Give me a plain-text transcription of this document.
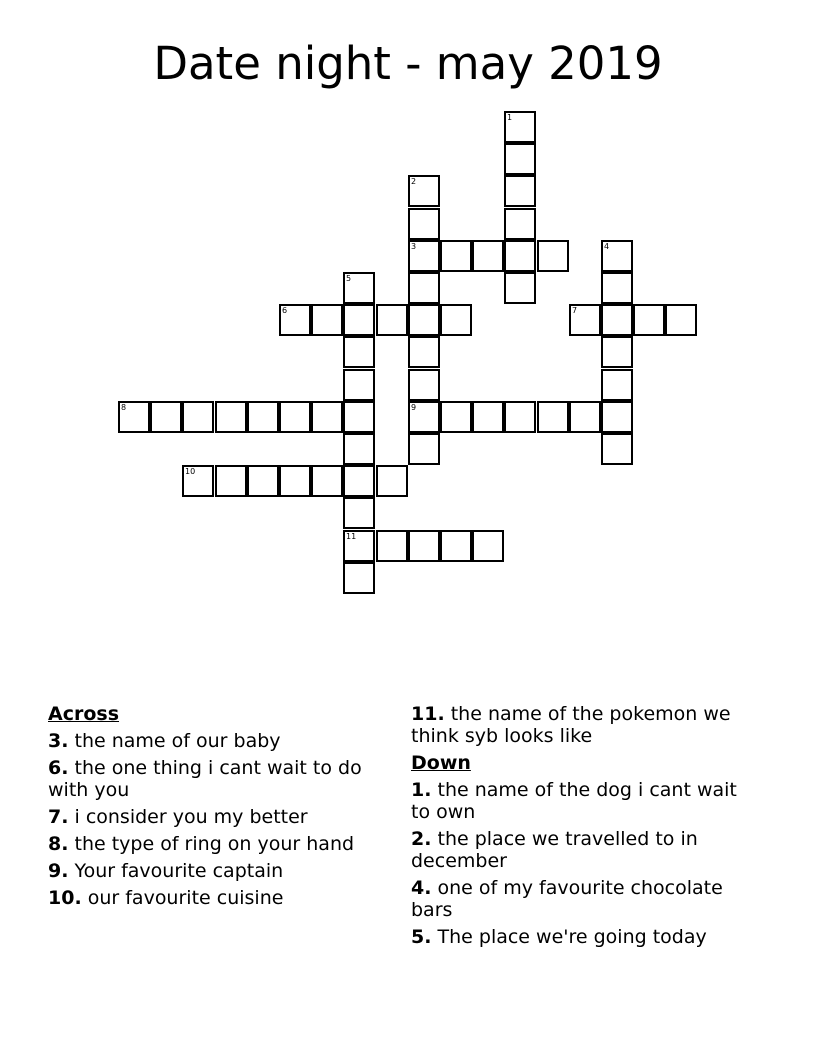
Date night - may 2019
1
2
3
9
4
5
11
6	7
8
10
Across
3. the name of our baby
6. the one thing i cant wait to do with you
7. i consider you my better
8. the type of ring on your hand
9. Your favourite captain
10. our favourite cuisine
11. the name of the pokemon we think syb looks like
Down
1. the name of the dog i cant wait to own
2. the place we travelled to in december
4. one of my favourite chocolate bars
5. The place we're going today
